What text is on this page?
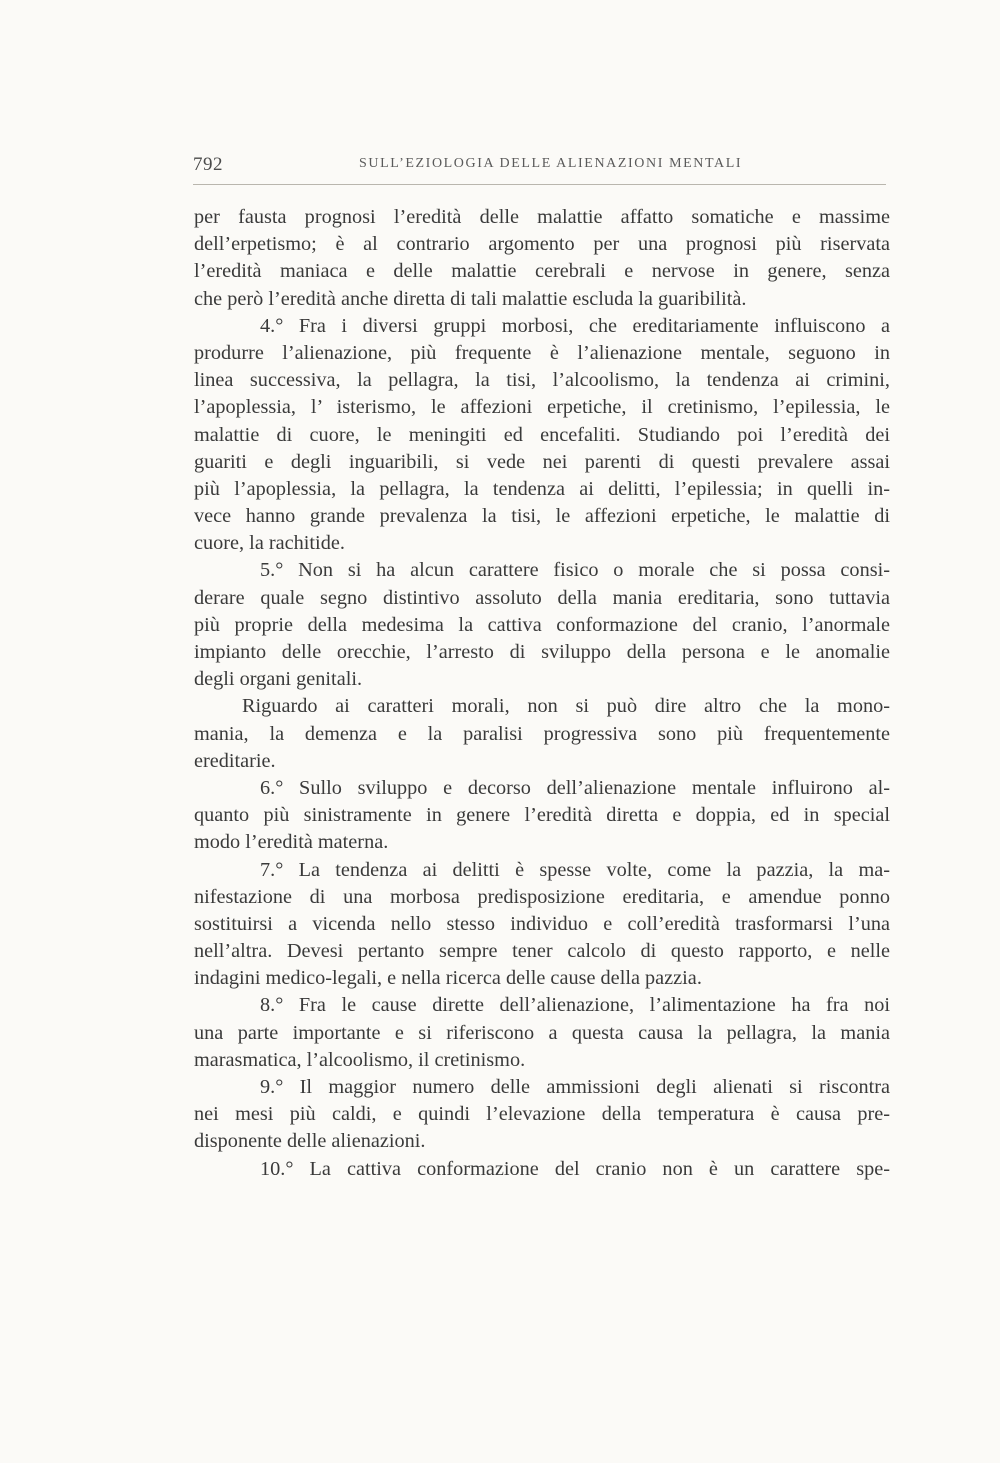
792	SULL’EZIOLOGIA DELLE ALIENAZIONI MENTALI
per fausta prognosi l’eredità delle malattie affatto somatiche e massime
dell’erpetismo; è al contrario argomento per una prognosi più riservata
l’eredità maniaca e delle malattie cerebrali e nervose in genere, senza
che però l’eredità anche diretta di tali malattie escluda la guaribilità.
4.° Fra i diversi gruppi morbosi, che ereditariamente influiscono a
produrre l’alienazione, più frequente è l’alienazione mentale, seguono in
linea successiva, la pellagra, la tisi, l’alcoolismo, la tendenza ai crimini,
l’apoplessia, l’ isterismo, le affezioni erpetiche, il cretinismo, l’epilessia, le
malattie di cuore, le meningiti ed encefaliti. Studiando poi l’eredità dei
guariti e degli inguaribili, si vede nei parenti di questi prevalere assai
più l’apoplessia, la pellagra, la tendenza ai delitti, l’epilessia; in quelli in-
vece hanno grande prevalenza la tisi, le affezioni erpetiche, le malattie di
cuore, la rachitide.
5.° Non si ha alcun carattere fisico o morale che si possa consi-
derare quale segno distintivo assoluto della mania ereditaria, sono tuttavia
più proprie della medesima la cattiva conformazione del cranio, l’anormale
impianto delle orecchie, l’arresto di sviluppo della persona e le anomalie
degli organi genitali.
Riguardo ai caratteri morali, non si può dire altro che la mono-
mania, la demenza e la paralisi progressiva sono più frequentemente
ereditarie.
6.° Sullo sviluppo e decorso dell’alienazione mentale influirono al-
quanto più sinistramente in genere l’eredità diretta e doppia, ed in special
modo l’eredità materna.
7.° La tendenza ai delitti è spesse volte, come la pazzia, la ma-
nifestazione di una morbosa predisposizione ereditaria, e amendue ponno
sostituirsi a vicenda nello stesso individuo e coll’eredità trasformarsi l’una
nell’altra. Devesi pertanto sempre tener calcolo di questo rapporto, e nelle
indagini medico-legali, e nella ricerca delle cause della pazzia.
8.° Fra le cause dirette dell’alienazione, l’alimentazione ha fra noi
una parte importante e si riferiscono a questa causa la pellagra, la mania
marasmatica, l’alcoolismo, il cretinismo.
9.° Il maggior numero delle ammissioni degli alienati si riscontra
nei mesi più caldi, e quindi l’elevazione della temperatura è causa pre-
disponente delle alienazioni.
10.° La cattiva conformazione del cranio non è un carattere spe-
